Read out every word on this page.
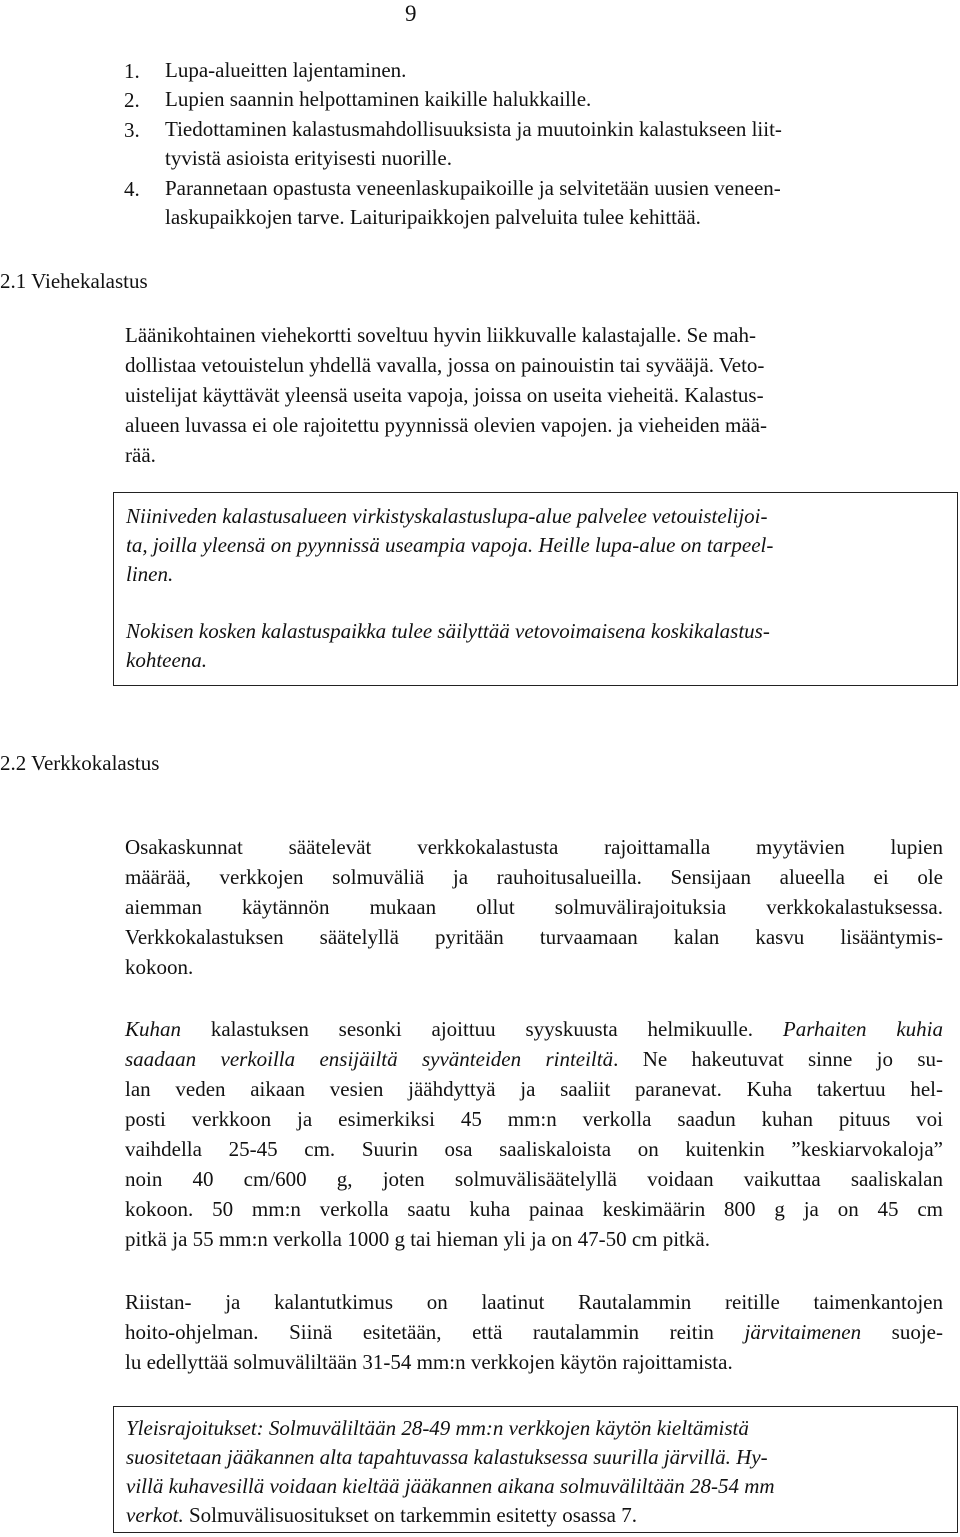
9
1. Lupa-alueitten lajentaminen.
2. Lupien saannin helpottaminen kaikille halukkaille.
3. Tiedottaminen kalastusmahdollisuuksista ja muutoinkin kalastukseen liit-
tyvistä asioista erityisesti nuorille.
4. Parannetaan opastusta veneenlaskupaikoille ja selvitetään uusien veneen-
laskupaikkojen tarve. Laituripaikkojen palveluita tulee kehittää.
2.1 Viehekalastus
Läänikohtainen viehekortti soveltuu hyvin liikkuvalle kalastajalle. Se mah-
dollistaa vetouistelun yhdellä vavalla, jossa on painouistin tai syvääjä. Veto-
uistelijat käyttävät yleensä useita vapoja, joissa on useita vieheitä. Kalastus-
alueen luvassa ei ole rajoitettu pyynnissä olevien vapojen. ja vieheiden mää-
rää.
Niiniveden kalastusalueen virkistyskalastuslupa-alue palvelee vetouistelijoi-
ta, joilla yleensä on pyynnissä useampia vapoja. Heille lupa-alue on tarpeel-
linen.
Nokisen kosken kalastuspaikka tulee säilyttää vetovoimaisena koskikalastus-
kohteena.
2.2 Verkkokalastus
Osakaskunnat säätelevät verkkokalastusta rajoittamalla myytävien lupien
määrää, verkkojen solmuväliä ja rauhoitusalueilla. Sensijaan alueella ei ole
aiemman käytännön mukaan ollut solmuvälirajoituksia verkkokalastuksessa.
Verkkokalastuksen säätelyllä pyritään turvaamaan kalan kasvu lisääntymis-
kokoon.
Kuhan kalastuksen sesonki ajoittuu syyskuusta helmikuulle. Parhaiten kuhia
saadaan verkoilla ensijäiltä syvänteiden rinteiltä. Ne hakeutuvat sinne jo su-
lan veden aikaan vesien jäähdyttyä ja saaliit paranevat. Kuha takertuu hel-
posti verkkoon ja esimerkiksi 45 mm:n verkolla saadun kuhan pituus voi
vaihdella 25-45 cm. Suurin osa saaliskaloista on kuitenkin ”keskiarvokaloja”
noin 40 cm/600 g, joten solmuvälisäätelyllä voidaan vaikuttaa saaliskalan
kokoon. 50 mm:n verkolla saatu kuha painaa keskimäärin 800 g ja on 45 cm
pitkä ja 55 mm:n verkolla 1000 g tai hieman yli ja on 47-50 cm pitkä.
Riistan- ja kalantutkimus on laatinut Rautalammin reitille taimenkantojen
hoito-ohjelman. Siinä esitetään, että rautalammin reitin järvitaimenen suoje-
lu edellyttää solmuväliltään 31-54 mm:n verkkojen käytön rajoittamista.
Yleisrajoitukset: Solmuväliltään 28-49 mm:n verkkojen käytön kieltämistä
suositetaan jääkannen alta tapahtuvassa kalastuksessa suurilla järvillä. Hy-
villä kuhavesillä voidaan kieltää jääkannen aikana solmuväliltään 28-54 mm
verkot. Solmuvälisuositukset on tarkemmin esitetty osassa 7.
